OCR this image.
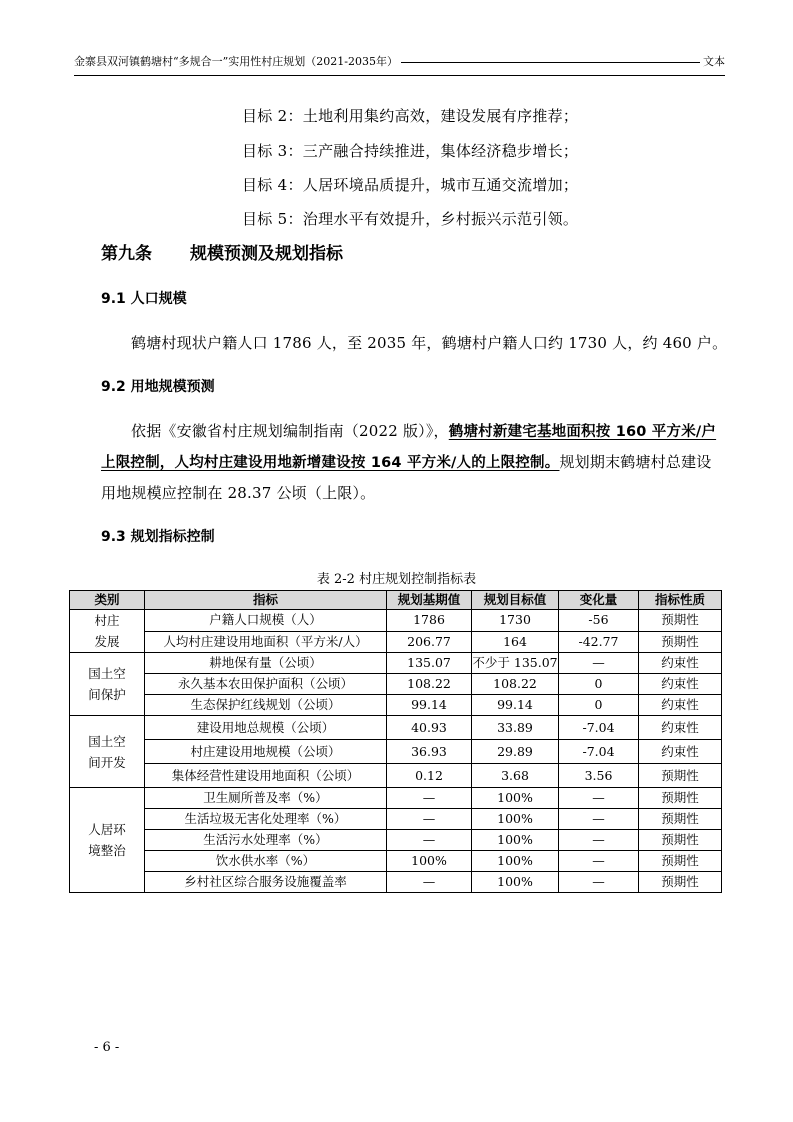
金寨县双河镇鹤塘村“多规合一”实用性村庄规划（2021-2035年）	文本
目标 2：土地利用集约高效，建设发展有序推荐；
目标 3：三产融合持续推进，集体经济稳步增长；
目标 4：人居环境品质提升，城市互通交流增加；
目标 5：治理水平有效提升，乡村振兴示范引领。
第九条 规模预测及规划指标
9.1 人口规模
鹤塘村现状户籍人口 1786 人，至 2035 年，鹤塘村户籍人口约 1730 人，约 460 户。
9.2 用地规模预测
依据《安徽省村庄规划编制指南（2022 版）》，鹤塘村新建宅基地面积按 160 平方米/户
上限控制，人均村庄建设用地新增建设按 164 平方米/人的上限控制。规划期末鹤塘村总建设
用地规模应控制在 28.37 公顷（上限）。
9.3 规划指标控制
表 2-2 村庄规划控制指标表
类别	指标	规划基期值	规划目标值	变化量	指标性质
村庄发展	户籍人口规模（人）	1786	1730	-56	预期性
	人均村庄建设用地面积（平方米/人）	206.77	164	-42.77	预期性
国土空间保护	耕地保有量（公顷）	135.07	不少于 135.07	—	约束性
	永久基本农田保护面积（公顷）	108.22	108.22	0	约束性
	生态保护红线规划（公顷）	99.14	99.14	0	约束性
国土空间开发	建设用地总规模（公顷）	40.93	33.89	-7.04	约束性
	村庄建设用地规模（公顷）	36.93	29.89	-7.04	约束性
	集体经营性建设用地面积（公顷）	0.12	3.68	3.56	预期性
人居环境整治	卫生厕所普及率（%）	—	100%	—	预期性
	生活垃圾无害化处理率（%）	—	100%	—	预期性
	生活污水处理率（%）	—	100%	—	预期性
	饮水供水率（%）	100%	100%	—	预期性
	乡村社区综合服务设施覆盖率	—	100%	—	预期性
- 6 -
